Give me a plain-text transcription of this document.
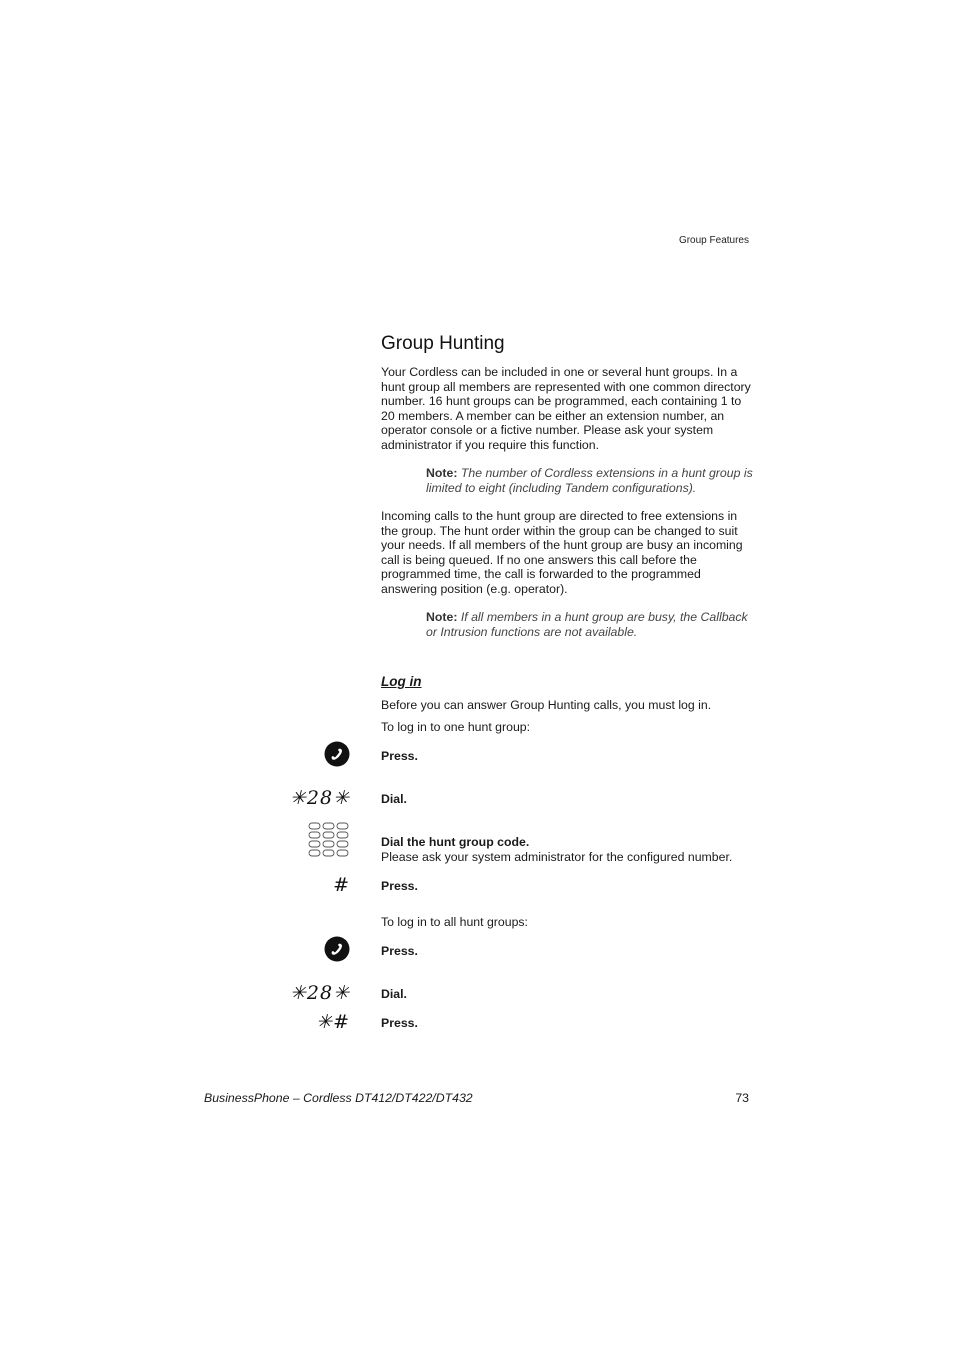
Group Features
Group Hunting

Your Cordless can be included in one or several hunt groups. In a hunt group all members are represented with one common directory number. 16 hunt groups can be programmed, each containing 1 to 20 members. A member can be either an extension number, an operator console or a fictive number. Please ask your system administrator if you require this function.

Note: The number of Cordless extensions in a hunt group is limited to eight (including Tandem configurations).

Incoming calls to the hunt group are directed to free extensions in the group. The hunt order within the group can be changed to suit your needs. If all members of the hunt group are busy an incoming call is being queued. If no one answers this call before the programmed time, the call is forwarded to the programmed answering position (e.g. operator).

Note: If all members in a hunt group are busy, the Callback or Intrusion functions are not available.

Log in
Before you can answer Group Hunting calls, you must log in.
To log in to one hunt group:
Press.
✳28✳	Dial.
Dial the hunt group code.
Please ask your system administrator for the configured number.
#	Press.
To log in to all hunt groups:
Press.
✳28✳	Dial.
✳#	Press.
BusinessPhone – Cordless DT412/DT422/DT432	73
